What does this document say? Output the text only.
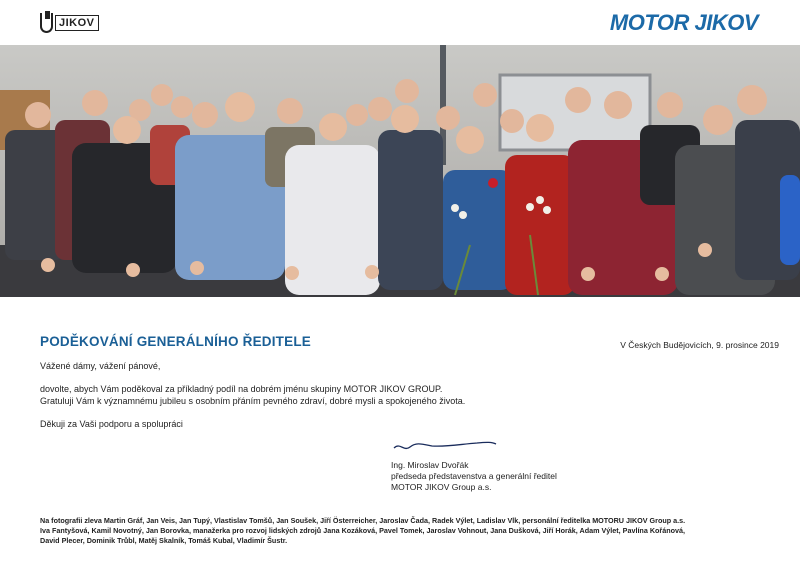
JIKOV	MOTOR JIKOV
PODĚKOVÁNÍ GENERÁLNÍHO ŘEDITELE	V Českých Budějovicích, 9. prosince 2019
Vážené dámy, vážení pánové,
dovolte, abych Vám poděkoval za příkladný podíl na dobrém jménu skupiny MOTOR JIKOV GROUP.
Gratuluji Vám k významnému jubileu s osobním přáním pevného zdraví, dobré mysli a spokojeného života.
Děkuji za Vaši podporu a spolupráci
Ing. Miroslav Dvořák
předseda představenstva a generální ředitel
MOTOR JIKOV Group a.s.
Na fotografii zleva Martin Gráf, Jan Veis, Jan Tupý, Vlastislav Tomšů, Jan Soušek, Jiří Österreicher, Jaroslav Čada, Radek Výlet, Ladislav Vlk, personální ředitelka MOTORU JIKOV Group a.s.
Iva Fantyšová, Kamil Novotný, Jan Borovka, manažerka pro rozvoj lidských zdrojů Jana Kozáková, Pavel Tomek, Jaroslav Vohnout, Jana Dušková, Jiří Horák, Adam Výlet, Pavlína Kořánová,
David Plecer, Dominik Trůbl, Matěj Skalník, Tomáš Kubal, Vladimír Šustr.
